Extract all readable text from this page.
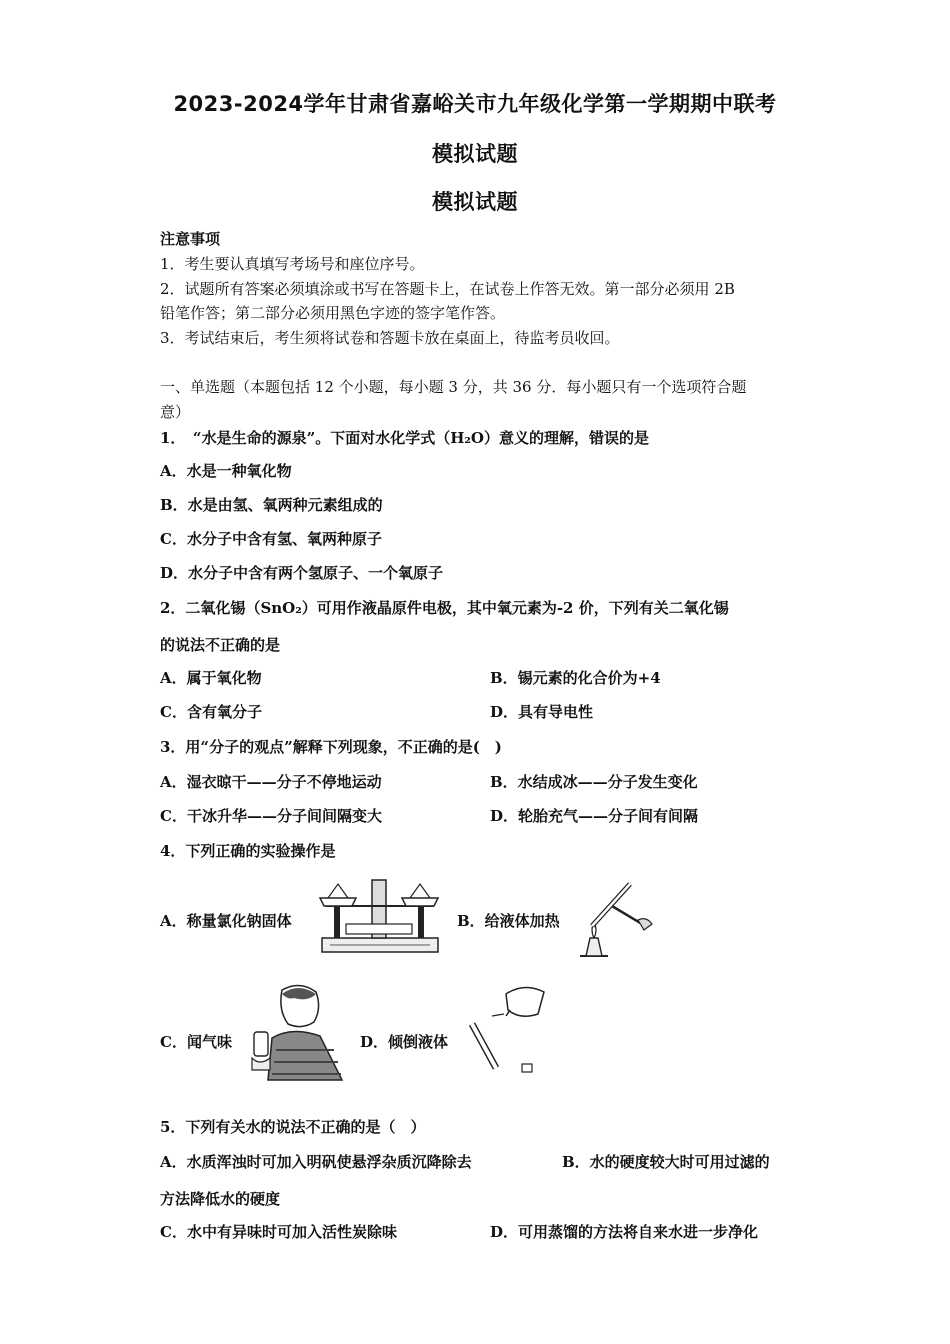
2023-2024学年甘肃省嘉峪关市九年级化学第一学期期中联考
模拟试题
模拟试题
注意事项
1．考生要认真填写考场号和座位序号。
2．试题所有答案必须填涂或书写在答题卡上，在试卷上作答无效。第一部分必须用 2B
铅笔作答；第二部分必须用黑色字迹的签字笔作答。
3．考试结束后，考生须将试卷和答题卡放在桌面上，待监考员收回。
一、单选题（本题包括 12 个小题，每小题 3 分，共 36 分．每小题只有一个选项符合题
意）
1．　“水是生命的源泉”。下面对水化学式（H₂O）意义的理解，错误的是
A．水是一种氧化物
B．水是由氢、氧两种元素组成的
C．水分子中含有氢、氧两种原子
D．水分子中含有两个氢原子、一个氧原子
2．二氧化锡（SnO₂）可用作液晶原件电极，其中氧元素为-2 价，下列有关二氧化锡
的说法不正确的是
A．属于氧化物	B．锡元素的化合价为+4
C．含有氧分子	D．具有导电性
3．用“分子的观点”解释下列现象，不正确的是(　)
A．湿衣晾干——分子不停地运动	B．水结成冰——分子发生变化
C．干冰升华——分子间间隔变大	D．轮胎充气——分子间有间隔
4．下列正确的实验操作是
A．称量氯化钠固体	B．给液体加热
C．闻气味	D．倾倒液体
5．下列有关水的说法不正确的是（　）
A．水质浑浊时可加入明矾使悬浮杂质沉降除去	B．水的硬度较大时可用过滤的
方法降低水的硬度
C．水中有异味时可加入活性炭除味	D．可用蒸馏的方法将自来水进一步净化
